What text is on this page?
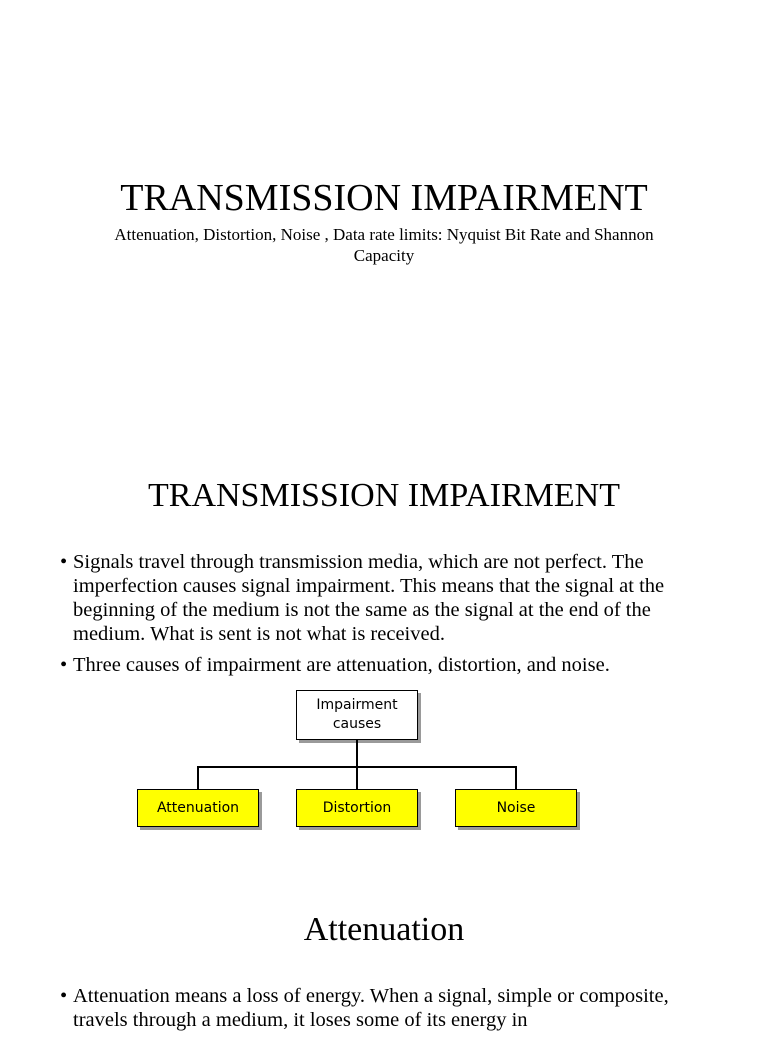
TRANSMISSION IMPAIRMENT

Attenuation, Distortion, Noise , Data rate limits: Nyquist Bit Rate and Shannon Capacity

TRANSMISSION IMPAIRMENT
• Signals travel through transmission media, which are not perfect. The imperfection causes signal impairment. This means that the signal at the beginning of the medium is not the same as the signal at the end of the medium. What is sent is not what is received.
• Three causes of impairment are attenuation, distortion, and noise.
Impairment
causes
Attenuation	Distortion	Noise
Attenuation
• Attenuation means a loss of energy. When a signal, simple or composite, travels through a medium, it loses some of its energy in
